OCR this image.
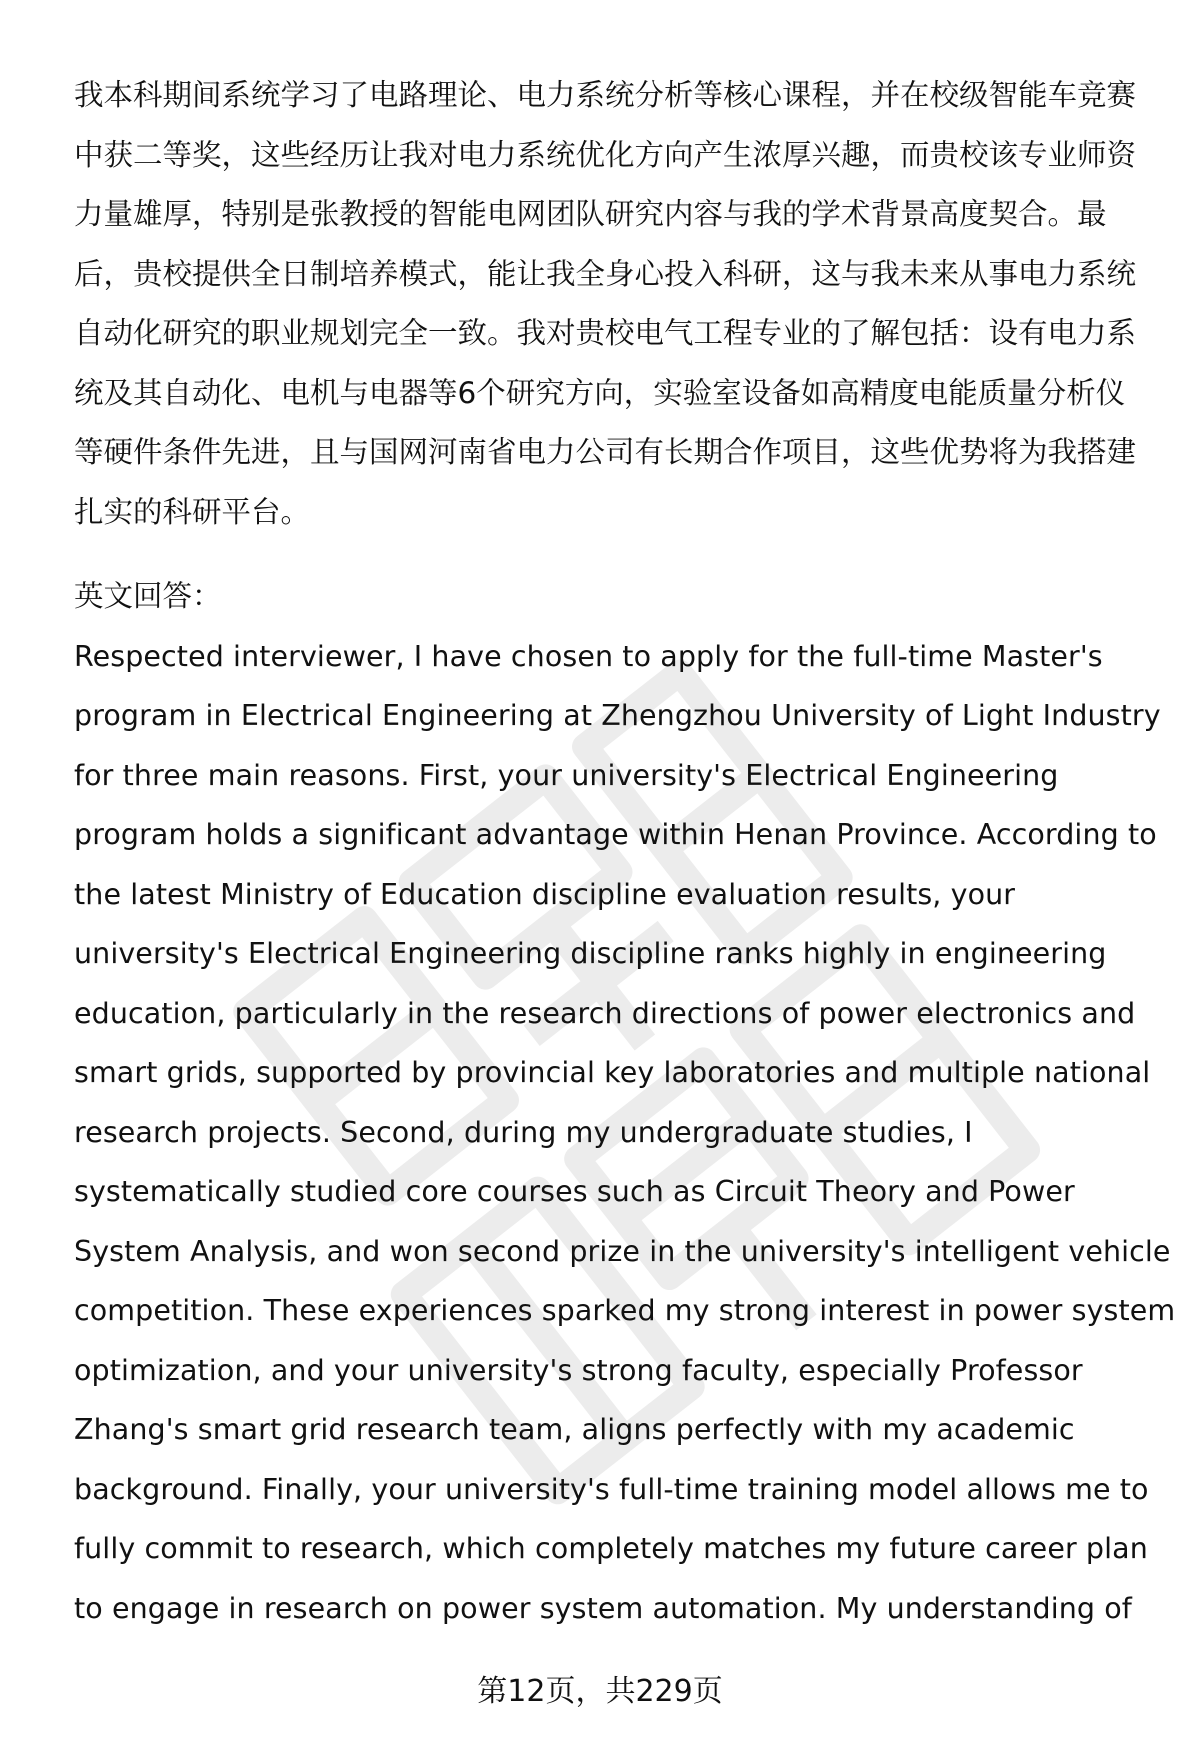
我本科期间系统学习了电路理论、电力系统分析等核心课程，并在校级智能车竞赛
中获二等奖，这些经历让我对电力系统优化方向产生浓厚兴趣，而贵校该专业师资
力量雄厚，特别是张教授的智能电网团队研究内容与我的学术背景高度契合。最
后，贵校提供全日制培养模式，能让我全身心投入科研，这与我未来从事电力系统
自动化研究的职业规划完全一致。我对贵校电气工程专业的了解包括：设有电力系
统及其自动化、电机与电器等6个研究方向，实验室设备如高精度电能质量分析仪
等硬件条件先进，且与国网河南省电力公司有长期合作项目，这些优势将为我搭建
扎实的科研平台。
英文回答：
Respected interviewer, I have chosen to apply for the full-time Master's
program in Electrical Engineering at Zhengzhou University of Light Industry
for three main reasons. First, your university's Electrical Engineering
program holds a significant advantage within Henan Province. According to
the latest Ministry of Education discipline evaluation results, your
university's Electrical Engineering discipline ranks highly in engineering
education, particularly in the research directions of power electronics and
smart grids, supported by provincial key laboratories and multiple national
research projects. Second, during my undergraduate studies, I
systematically studied core courses such as Circuit Theory and Power
System Analysis, and won second prize in the university's intelligent vehicle
competition. These experiences sparked my strong interest in power system
optimization, and your university's strong faculty, especially Professor
Zhang's smart grid research team, aligns perfectly with my academic
background. Finally, your university's full-time training model allows me to
fully commit to research, which completely matches my future career plan
to engage in research on power system automation. My understanding of
第12页，共229页
